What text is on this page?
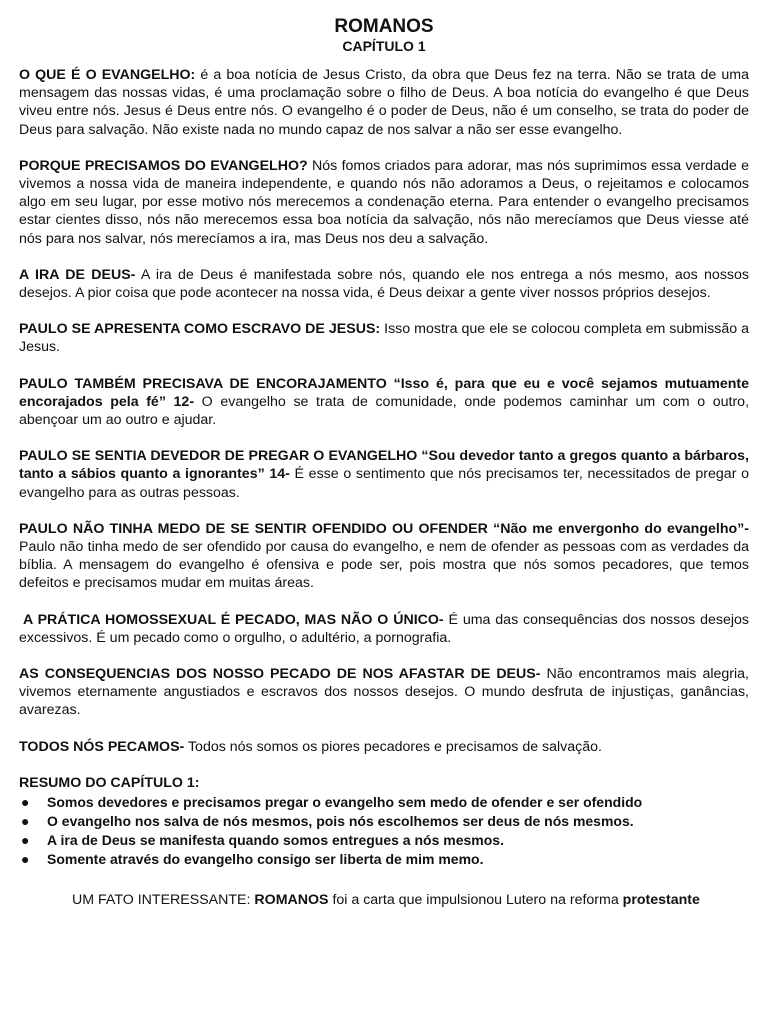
ROMANOS
CAPÍTULO 1

O QUE É O EVANGELHO: é a boa notícia de Jesus Cristo, da obra que Deus fez na terra. Não se trata de uma mensagem das nossas vidas, é uma proclamação sobre o filho de Deus. A boa notícia do evangelho é que Deus viveu entre nós. Jesus é Deus entre nós. O evangelho é o poder de Deus, não é um conselho, se trata do poder de Deus para salvação. Não existe nada no mundo capaz de nos salvar a não ser esse evangelho.

PORQUE PRECISAMOS DO EVANGELHO? Nós fomos criados para adorar, mas nós suprimimos essa verdade e vivemos a nossa vida de maneira independente, e quando nós não adoramos a Deus, o rejeitamos e colocamos algo em seu lugar, por esse motivo nós merecemos a condenação eterna. Para entender o evangelho precisamos estar cientes disso, nós não merecemos essa boa notícia da salvação, nós não merecíamos que Deus viesse até nós para nos salvar, nós merecíamos a ira, mas Deus nos deu a salvação.

A IRA DE DEUS- A ira de Deus é manifestada sobre nós, quando ele nos entrega a nós mesmo, aos nossos desejos. A pior coisa que pode acontecer na nossa vida, é Deus deixar a gente viver nossos próprios desejos.

PAULO SE APRESENTA COMO ESCRAVO DE JESUS: Isso mostra que ele se colocou completa em submissão a Jesus.

PAULO TAMBÉM PRECISAVA DE ENCORAJAMENTO “Isso é, para que eu e você sejamos mutuamente encorajados pela fé” 12- O evangelho se trata de comunidade, onde podemos caminhar um com o outro, abençoar um ao outro e ajudar.

PAULO SE SENTIA DEVEDOR DE PREGAR O EVANGELHO “Sou devedor tanto a gregos quanto a bárbaros, tanto a sábios quanto a ignorantes” 14- É esse o sentimento que nós precisamos ter, necessitados de pregar o evangelho para as outras pessoas.

PAULO NÃO TINHA MEDO DE SE SENTIR OFENDIDO OU OFENDER “Não me envergonho do evangelho”- Paulo não tinha medo de ser ofendido por causa do evangelho, e nem de ofender as pessoas com as verdades da bíblia. A mensagem do evangelho é ofensiva e pode ser, pois mostra que nós somos pecadores, que temos defeitos e precisamos mudar em muitas áreas.

A PRÁTICA HOMOSSEXUAL É PECADO, MAS NÃO O ÚNICO- É uma das consequências dos nossos desejos excessivos. É um pecado como o orgulho, o adultério, a pornografia.

AS CONSEQUENCIAS DOS NOSSO PECADO DE NOS AFASTAR DE DEUS- Não encontramos mais alegria, vivemos eternamente angustiados e escravos dos nossos desejos. O mundo desfruta de injustiças, ganâncias, avarezas.

TODOS NÓS PECAMOS- Todos nós somos os piores pecadores e precisamos de salvação.

RESUMO DO CAPÍTULO 1:
● Somos devedores e precisamos pregar o evangelho sem medo de ofender e ser ofendido
● O evangelho nos salva de nós mesmos, pois nós escolhemos ser deus de nós mesmos.
● A ira de Deus se manifesta quando somos entregues a nós mesmos.
● Somente através do evangelho consigo ser liberta de mim memo.
UM FATO INTERESSANTE: ROMANOS foi a carta que impulsionou Lutero na reforma protestante
